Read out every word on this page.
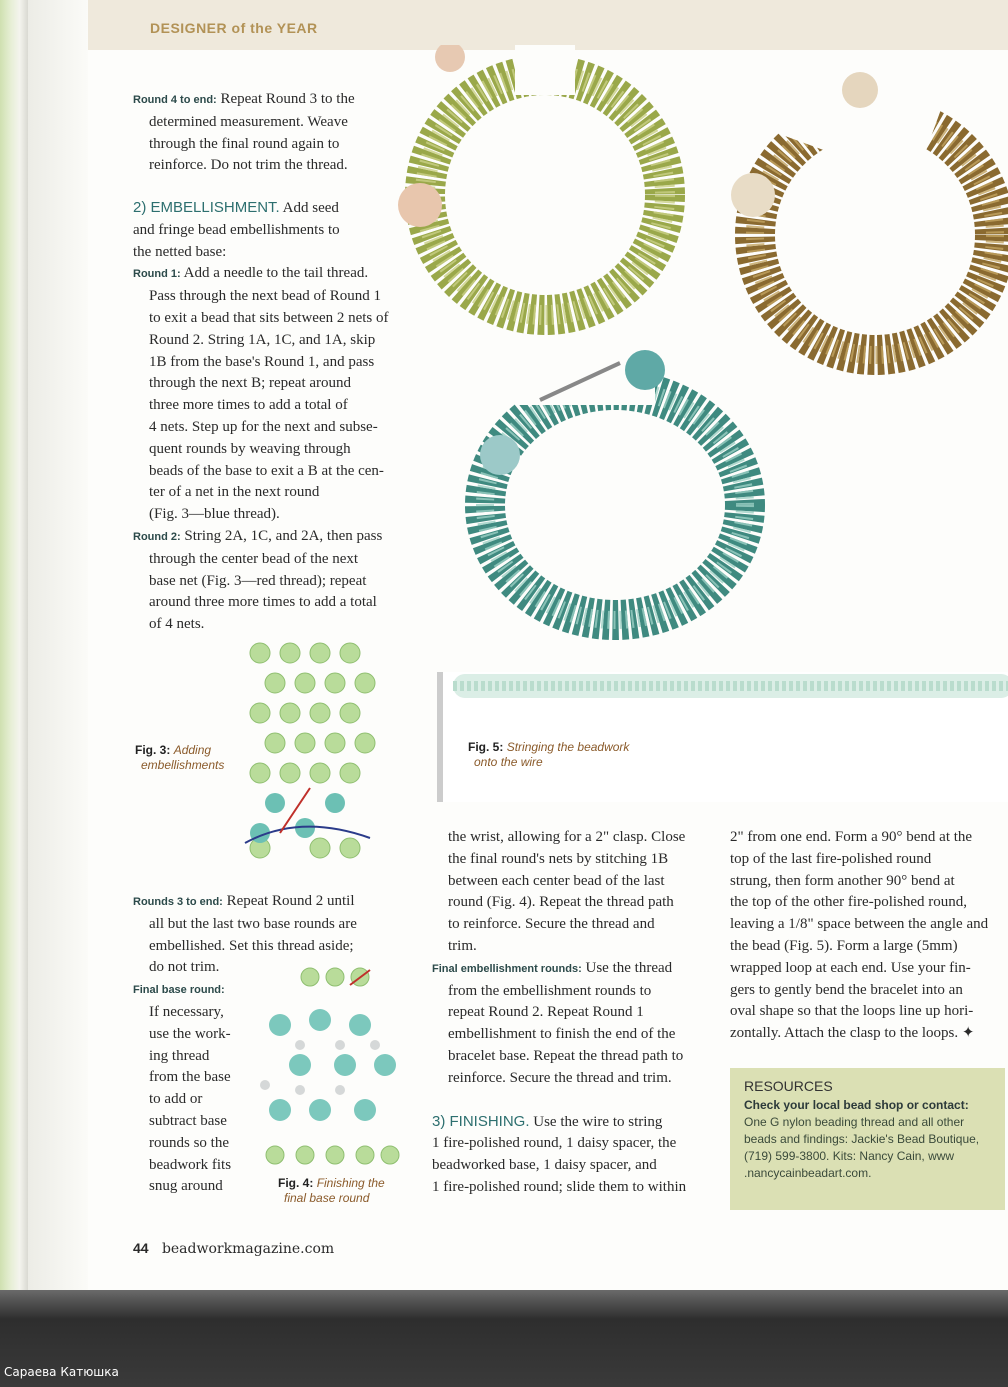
DESIGNER of the YEAR
Round 4 to end: Repeat Round 3 to the
determined measurement. Weave
through the final round again to
reinforce. Do not trim the thread.
2) EMBELLISHMENT. Add seed
and fringe bead embellishments to
the netted base:
Round 1: Add a needle to the tail thread.
Pass through the next bead of Round 1
to exit a bead that sits between 2 nets of
Round 2. String 1A, 1C, and 1A, skip
1B from the base's Round 1, and pass
through the next B; repeat around
three more times to add a total of
4 nets. Step up for the next and subse-
quent rounds by weaving through
beads of the base to exit a B at the cen-
ter of a net in the next round
(Fig. 3—blue thread).
Round 2: String 2A, 1C, and 2A, then pass
through the center bead of the next
base net (Fig. 3—red thread); repeat
around three more times to add a total
of 4 nets.
Fig. 3: Adding
embellishments
Rounds 3 to end: Repeat Round 2 until
all but the last two base rounds are
embellished. Set this thread aside;
do not trim.
Final base round:
If necessary,
use the work-
ing thread
from the base
to add or
subtract base
rounds so the
beadwork fits
snug around	Fig. 4: Finishing the
final base round
Fig. 5: Stringing the beadwork
onto the wire
the wrist, allowing for a 2" clasp. Close
the final round's nets by stitching 1B
between each center bead of the last
round (Fig. 4). Repeat the thread path
to reinforce. Secure the thread and
trim.
Final embellishment rounds: Use the thread
from the embellishment rounds to
repeat Round 2. Repeat Round 1
embellishment to finish the end of the
bracelet base. Repeat the thread path to
reinforce. Secure the thread and trim.
3) FINISHING. Use the wire to string
1 fire-polished round, 1 daisy spacer, the
beadworked base, 1 daisy spacer, and
1 fire-polished round; slide them to within
2" from one end. Form a 90° bend at the
top of the last fire-polished round
strung, then form another 90° bend at
the top of the other fire-polished round,
leaving a 1/8" space between the angle and
the bead (Fig. 5). Form a large (5mm)
wrapped loop at each end. Use your fin-
gers to gently bend the bracelet into an
oval shape so that the loops line up hori-
zontally. Attach the clasp to the loops. ✦
RESOURCES
Check your local bead shop or contact:
One G nylon beading thread and all other
beads and findings: Jackie's Bead Boutique,
(719) 599-3800. Kits: Nancy Cain, www
.nancycainbeadart.com.
44 beadworkmagazine.com
Сараева Катюшка
